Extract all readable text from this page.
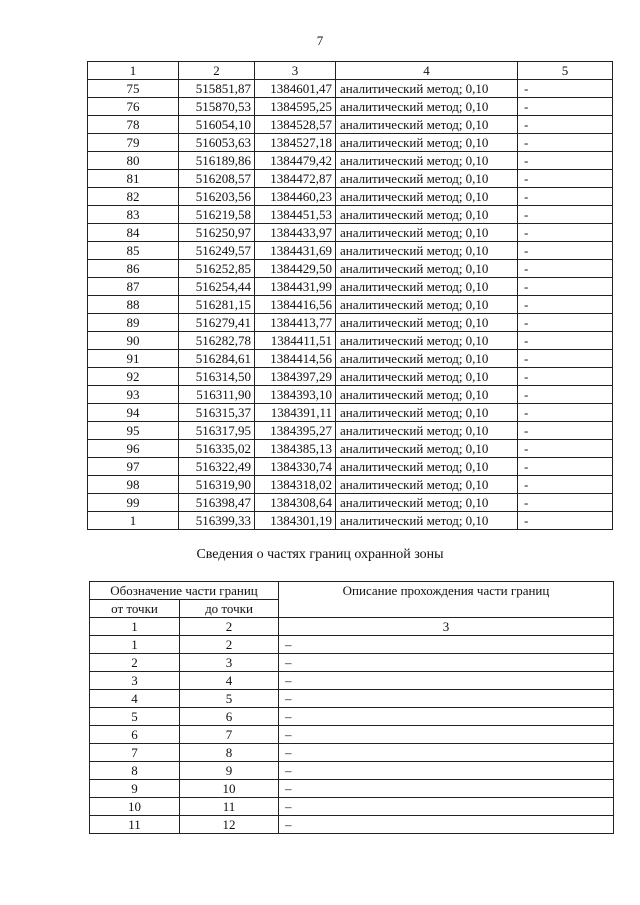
7
1	2	3	4	5
75	515851,87	1384601,47	аналитический метод; 0,10	-
76	515870,53	1384595,25	аналитический метод; 0,10	-
78	516054,10	1384528,57	аналитический метод; 0,10	-
79	516053,63	1384527,18	аналитический метод; 0,10	-
80	516189,86	1384479,42	аналитический метод; 0,10	-
81	516208,57	1384472,87	аналитический метод; 0,10	-
82	516203,56	1384460,23	аналитический метод; 0,10	-
83	516219,58	1384451,53	аналитический метод; 0,10	-
84	516250,97	1384433,97	аналитический метод; 0,10	-
85	516249,57	1384431,69	аналитический метод; 0,10	-
86	516252,85	1384429,50	аналитический метод; 0,10	-
87	516254,44	1384431,99	аналитический метод; 0,10	-
88	516281,15	1384416,56	аналитический метод; 0,10	-
89	516279,41	1384413,77	аналитический метод; 0,10	-
90	516282,78	1384411,51	аналитический метод; 0,10	-
91	516284,61	1384414,56	аналитический метод; 0,10	-
92	516314,50	1384397,29	аналитический метод; 0,10	-
93	516311,90	1384393,10	аналитический метод; 0,10	-
94	516315,37	1384391,11	аналитический метод; 0,10	-
95	516317,95	1384395,27	аналитический метод; 0,10	-
96	516335,02	1384385,13	аналитический метод; 0,10	-
97	516322,49	1384330,74	аналитический метод; 0,10	-
98	516319,90	1384318,02	аналитический метод; 0,10	-
99	516398,47	1384308,64	аналитический метод; 0,10	-
1	516399,33	1384301,19	аналитический метод; 0,10	-
Сведения о частях границ охранной зоны
Обозначение части границ		Описание прохождения части границ
от точки	до точки	
1	2	3
1	2	–
2	3	–
3	4	–
4	5	–
5	6	–
6	7	–
7	8	–
8	9	–
9	10	–
10	11	–
11	12	–
